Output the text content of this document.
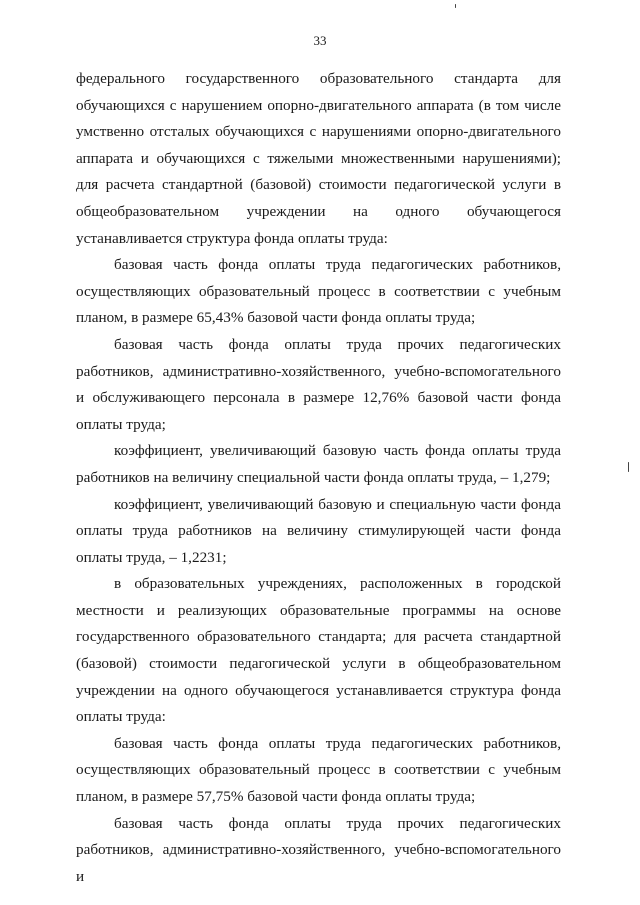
33

федерального государственного образовательного стандарта для обучающихся с нарушением опорно-двигательного аппарата (в том числе умственно отсталых обучающихся с нарушениями опорно-двигательного аппарата и обучающихся с тяжелыми множественными нарушениями); для расчета стандартной (базовой) стоимости педагогической услуги в общеобразовательном учреждении на одного обучающегося устанавливается структура фонда оплаты труда:

базовая часть фонда оплаты труда педагогических работников, осуществляющих образовательный процесс в соответствии с учебным планом, в размере 65,43% базовой части фонда оплаты труда;

базовая часть фонда оплаты труда прочих педагогических работников, административно-хозяйственного, учебно-вспомогательного и обслуживающего персонала в размере 12,76% базовой части фонда оплаты труда;

коэффициент, увеличивающий базовую часть фонда оплаты труда работников на величину специальной части фонда оплаты труда, – 1,279;

коэффициент, увеличивающий базовую и специальную части фонда оплаты труда работников на величину стимулирующей части фонда оплаты труда, – 1,2231;

в образовательных учреждениях, расположенных в городской местности и реализующих образовательные программы на основе государственного образовательного стандарта; для расчета стандартной (базовой) стоимости педагогической услуги в общеобразовательном учреждении на одного обучающегося устанавливается структура фонда оплаты труда:

базовая часть фонда оплаты труда педагогических работников, осуществляющих образовательный процесс в соответствии с учебным планом, в размере 57,75% базовой части фонда оплаты труда;

базовая часть фонда оплаты труда прочих педагогических работников, административно-хозяйственного, учебно-вспомогательного и
